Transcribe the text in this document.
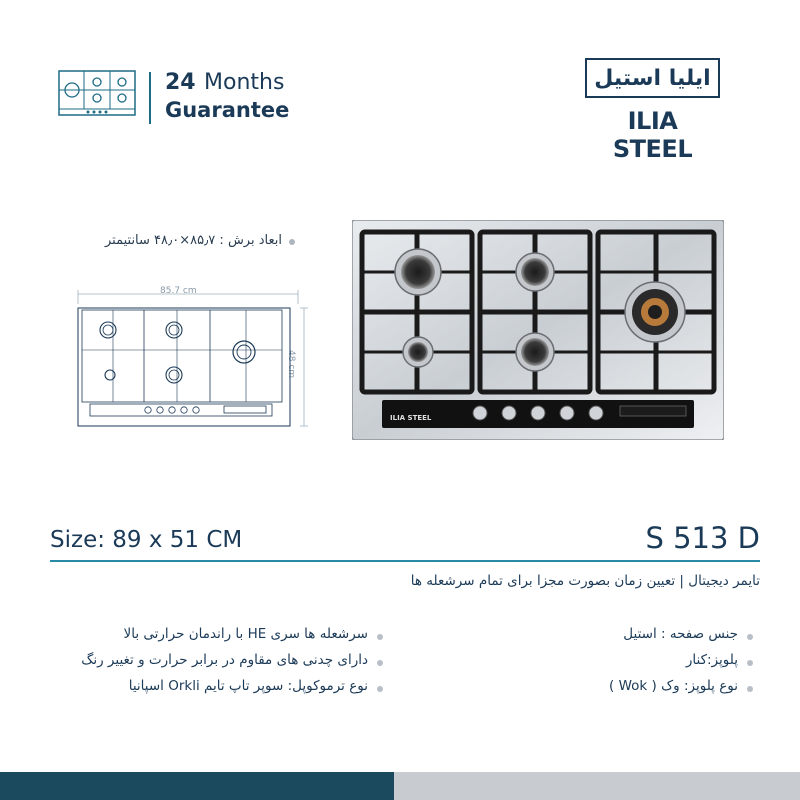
24 Months
Guarantee
ایلیا استیل
ILIA STEEL
ابعاد برش : ۸۵٫۷×۴۸٫۰ سانتیمتر
85.7 cm
48 cm
ILIA STEEL
Size: 89 x 51 CM	S 513 D
تایمر دیجیتال | تعیین زمان بصورت مجزا برای تمام سرشعله ها
سرشعله ها سری HE با راندمان حرارتی بالا
دارای چدنی های مقاوم در برابر حرارت و تغییر رنگ
نوع ترموکوپل: سوپر تاپ تایم Orkli اسپانیا
جنس صفحه : استیل
پلوپز:کنار
نوع پلوپز: وک ( Wok )
